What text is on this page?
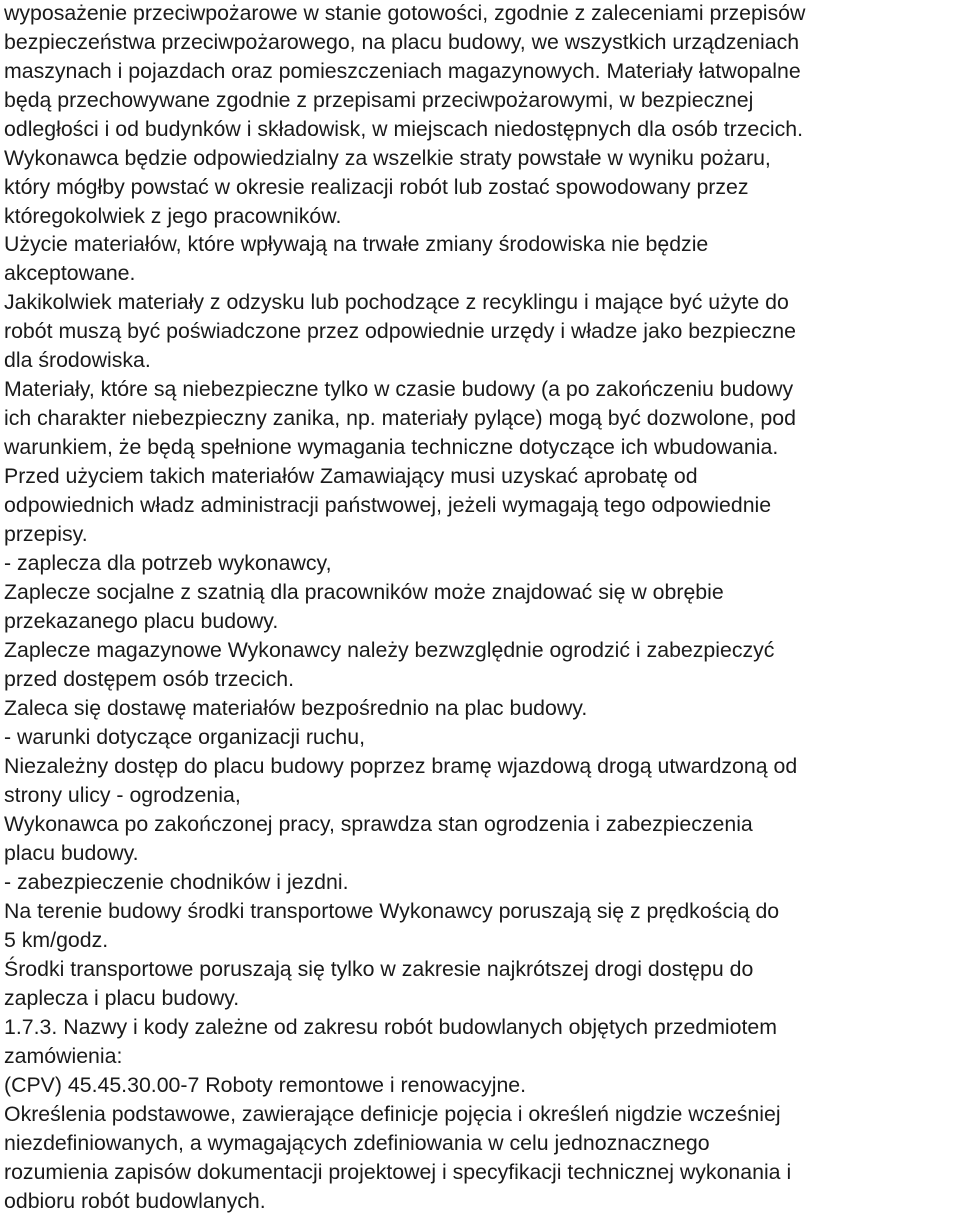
wyposażenie przeciwpożarowe w stanie gotowości, zgodnie z zaleceniami przepisów
bezpieczeństwa przeciwpożarowego, na placu budowy, we wszystkich urządzeniach
maszynach i pojazdach oraz pomieszczeniach magazynowych. Materiały łatwopalne
będą przechowywane zgodnie z przepisami przeciwpożarowymi, w bezpiecznej
odległości i od budynków i składowisk, w miejscach niedostępnych dla osób trzecich.
Wykonawca będzie odpowiedzialny za wszelkie straty powstałe w wyniku pożaru,
który mógłby powstać w okresie realizacji robót lub zostać spowodowany przez
któregokolwiek z jego pracowników.
Użycie materiałów, które wpływają na trwałe zmiany środowiska nie będzie
akceptowane.
Jakikolwiek materiały z odzysku lub pochodzące z recyklingu i mające być użyte do
robót muszą być poświadczone przez odpowiednie urzędy i władze jako bezpieczne
dla środowiska.
Materiały, które są niebezpieczne tylko w czasie budowy (a po zakończeniu budowy
ich charakter niebezpieczny zanika, np. materiały pylące) mogą być dozwolone, pod
warunkiem, że będą spełnione wymagania techniczne dotyczące ich wbudowania.
Przed użyciem takich materiałów Zamawiający musi uzyskać aprobatę od
odpowiednich władz administracji państwowej, jeżeli wymagają tego odpowiednie
przepisy.
- zaplecza dla potrzeb wykonawcy,
Zaplecze socjalne z szatnią dla pracowników może znajdować się w obrębie
przekazanego placu budowy.
Zaplecze magazynowe Wykonawcy należy bezwzględnie ogrodzić i zabezpieczyć
przed dostępem osób trzecich.
Zaleca się dostawę materiałów bezpośrednio na plac budowy.
- warunki dotyczące organizacji ruchu,
Niezależny dostęp do placu budowy poprzez bramę wjazdową drogą utwardzoną od
strony ulicy - ogrodzenia,
Wykonawca po zakończonej pracy, sprawdza stan ogrodzenia i zabezpieczenia
placu budowy.
- zabezpieczenie chodników i jezdni.
Na terenie budowy środki transportowe Wykonawcy poruszają się z prędkością do
5 km/godz.
Środki transportowe poruszają się tylko w zakresie najkrótszej drogi dostępu do
zaplecza i placu budowy.
1.7.3. Nazwy i kody zależne od zakresu robót budowlanych objętych przedmiotem
zamówienia:
(CPV) 45.45.30.00-7 Roboty remontowe i renowacyjne.
Określenia podstawowe, zawierające definicje pojęcia i określeń nigdzie wcześniej
niezdefiniowanych, a wymagających zdefiniowania w celu jednoznacznego
rozumienia zapisów dokumentacji projektowej i specyfikacji technicznej wykonania i
odbioru robót budowlanych.
